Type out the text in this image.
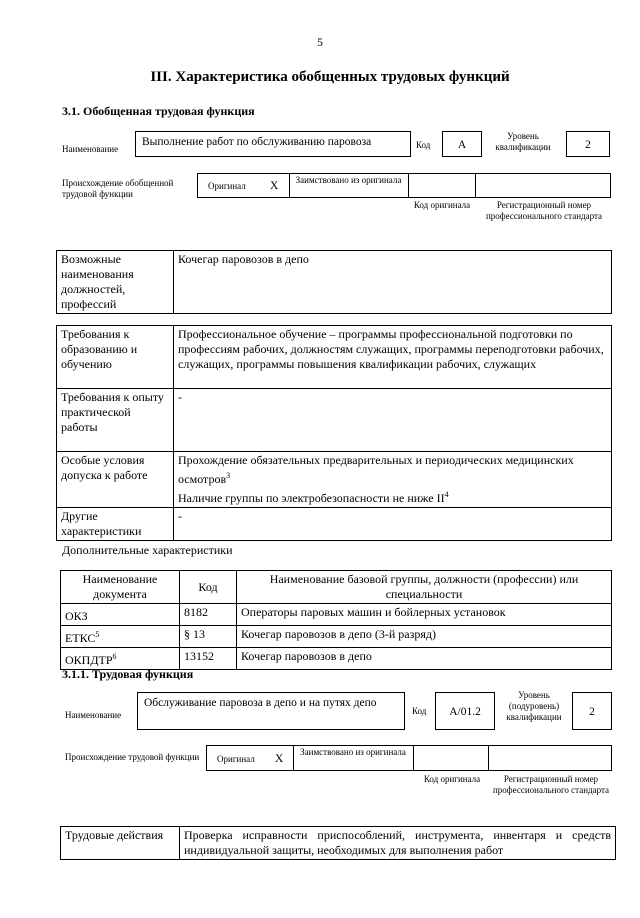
5
III. Характеристика обобщенных трудовых функций
3.1. Обобщенная трудовая функция
Наименование
Выполнение работ по обслуживанию паровоза	Код	A
Уровень квалификации	2
Происхождение обобщенной трудовой функции
Оригинал X	Заимствовано из оригинала
Код оригинала	Регистрационный номер профессионального стандарта
Возможные наименования должностей, профессий	Кочегар паровозов в депо
Требования к образованию и обучению	Профессиональное обучение – программы профессиональной подготовки по профессиям рабочих, должностям служащих, программы переподготовки рабочих, служащих, программы повышения квалификации рабочих, служащих
Требования к опыту практической работы	-
Особые условия допуска к работе	Прохождение обязательных предварительных и периодических медицинских осмотров$^3$
Наличие группы по электробезопасности не ниже $II^4$
Другие характеристики	-
Дополнительные характеристики
Наименование документа	Код	Наименование базовой группы, должности (профессии) или специальности
ОКЗ	8182	Операторы паровых машин и бойлерных установок
ЕТКС$^5$	§ 13	Кочегар паровозов в депо (3-й разряд)
ОКПДТР$^6$	13152	Кочегар паровозов в депо
3.1.1. Трудовая функция
Наименование
Обслуживание паровоза в депо и на путях депо
Код	A/01.2
Уровень (подуровень) квалификации	2
Происхождение трудовой функции	Оригинал X
Заимствовано из оригинала
Код оригинала	Регистрационный номер профессионального стандарта
Трудовые действия	Проверка исправности приспособлений, инструмента, инвентаря и средств индивидуальной защиты, необходимых для выполнения работ
